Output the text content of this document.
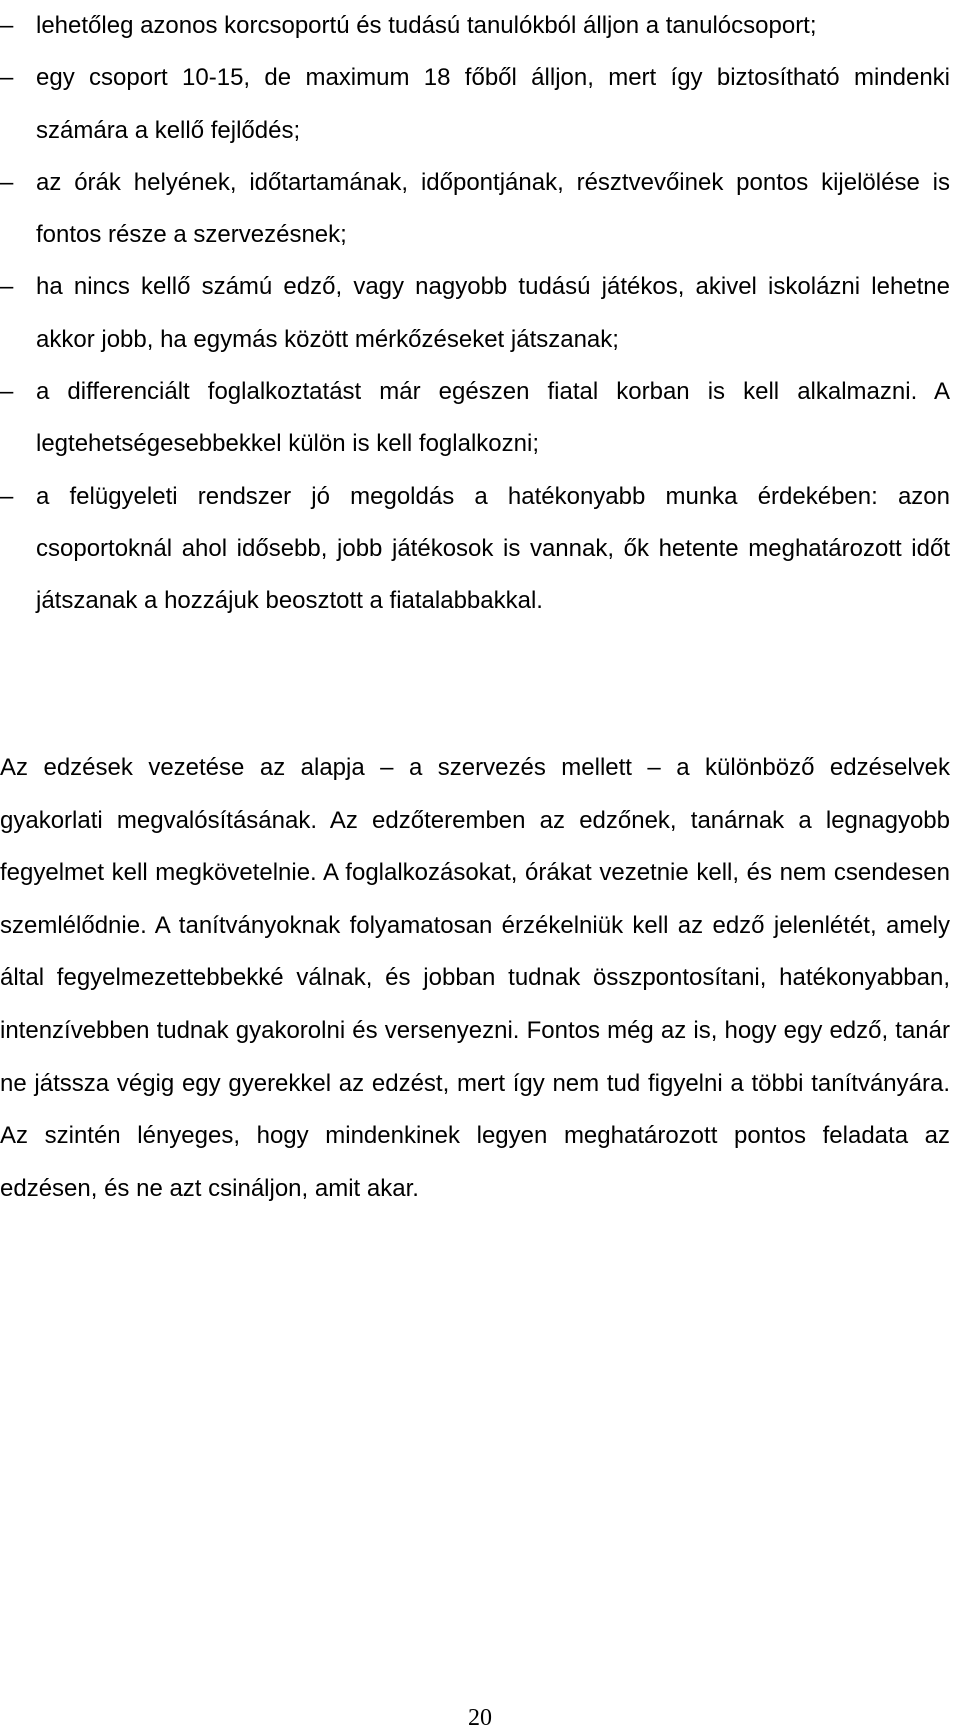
– lehetőleg azonos korcsoportú és tudású tanulókból álljon a tanulócsoport;
– egy csoport 10-15, de maximum 18 főből álljon, mert így biztosítható mindenki számára a kellő fejlődés;
– az órák helyének, időtartamának, időpontjának, résztvevőinek pontos kijelölése is fontos része a szervezésnek;
– ha nincs kellő számú edző, vagy nagyobb tudású játékos, akivel iskolázni lehetne akkor jobb, ha egymás között mérkőzéseket játszanak;
– a differenciált foglalkoztatást már egészen fiatal korban is kell alkalmazni. A legtehetségesebbekkel külön is kell foglalkozni;
– a felügyeleti rendszer jó megoldás a hatékonyabb munka érdekében: azon csoportoknál ahol idősebb, jobb játékosok is vannak, ők hetente meghatározott időt játszanak a hozzájuk beosztott a fiatalabbakkal.

Az edzések vezetése az alapja – a szervezés mellett – a különböző edzéselvek gyakorlati megvalósításának. Az edzőteremben az edzőnek, tanárnak a legnagyobb fegyelmet kell megkövetelnie. A foglalkozásokat, órákat vezetnie kell, és nem csendesen szemlélődnie. A tanítványoknak folyamatosan érzékelniük kell az edző jelenlétét, amely által fegyelmezettebbekké válnak, és jobban tudnak összpontosítani, hatékonyabban, intenzívebben tudnak gyakorolni és versenyezni. Fontos még az is, hogy egy edző, tanár ne játssza végig egy gyerekkel az edzést, mert így nem tud figyelni a többi tanítványára. Az szintén lényeges, hogy mindenkinek legyen meghatározott pontos feladata az edzésen, és ne azt csináljon, amit akar.

20
